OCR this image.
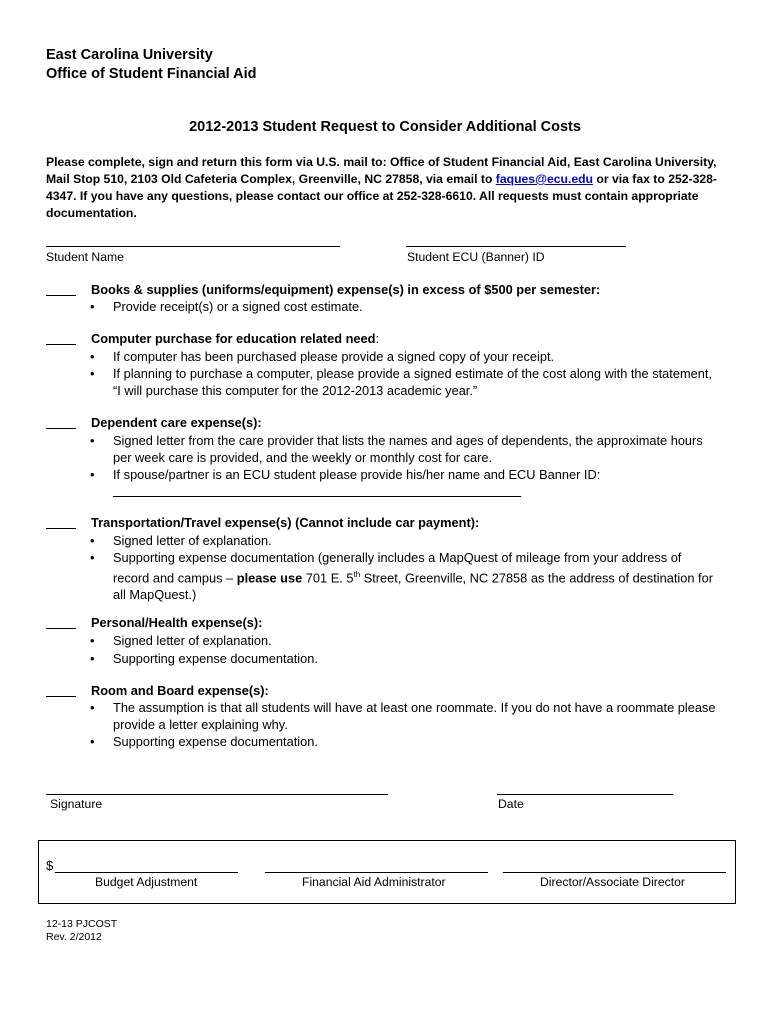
East Carolina University
Office of Student Financial Aid
2012-2013 Student Request to Consider Additional Costs
Please complete, sign and return this form via U.S. mail to: Office of Student Financial Aid, East Carolina University, Mail Stop 510, 2103 Old Cafeteria Complex, Greenville, NC 27858, via email to faques@ecu.edu or via fax to 252-328-4347. If you have any questions, please contact our office at 252-328-6610. All requests must contain appropriate documentation.
Student Name	Student ECU (Banner) ID
Books & supplies (uniforms/equipment) expense(s) in excess of $500 per semester:
• Provide receipt(s) or a signed cost estimate.
Computer purchase for education related need:
• If computer has been purchased please provide a signed copy of your receipt.
• If planning to purchase a computer, please provide a signed estimate of the cost along with the statement, “I will purchase this computer for the 2012-2013 academic year.”
Dependent care expense(s):
• Signed letter from the care provider that lists the names and ages of dependents, the approximate hours per week care is provided, and the weekly or monthly cost for care.
• If spouse/partner is an ECU student please provide his/her name and ECU Banner ID:
Transportation/Travel expense(s) (Cannot include car payment):
• Signed letter of explanation.
• Supporting expense documentation (generally includes a MapQuest of mileage from your address of record and campus – please use 701 E. 5th Street, Greenville, NC 27858 as the address of destination for all MapQuest.)
Personal/Health expense(s):
• Signed letter of explanation.
• Supporting expense documentation.
Room and Board expense(s):
• The assumption is that all students will have at least one roommate. If you do not have a roommate please provide a letter explaining why.
• Supporting expense documentation.
Signature	Date
$
Budget Adjustment	Financial Aid Administrator	Director/Associate Director
12-13 PJCOST
Rev. 2/2012
